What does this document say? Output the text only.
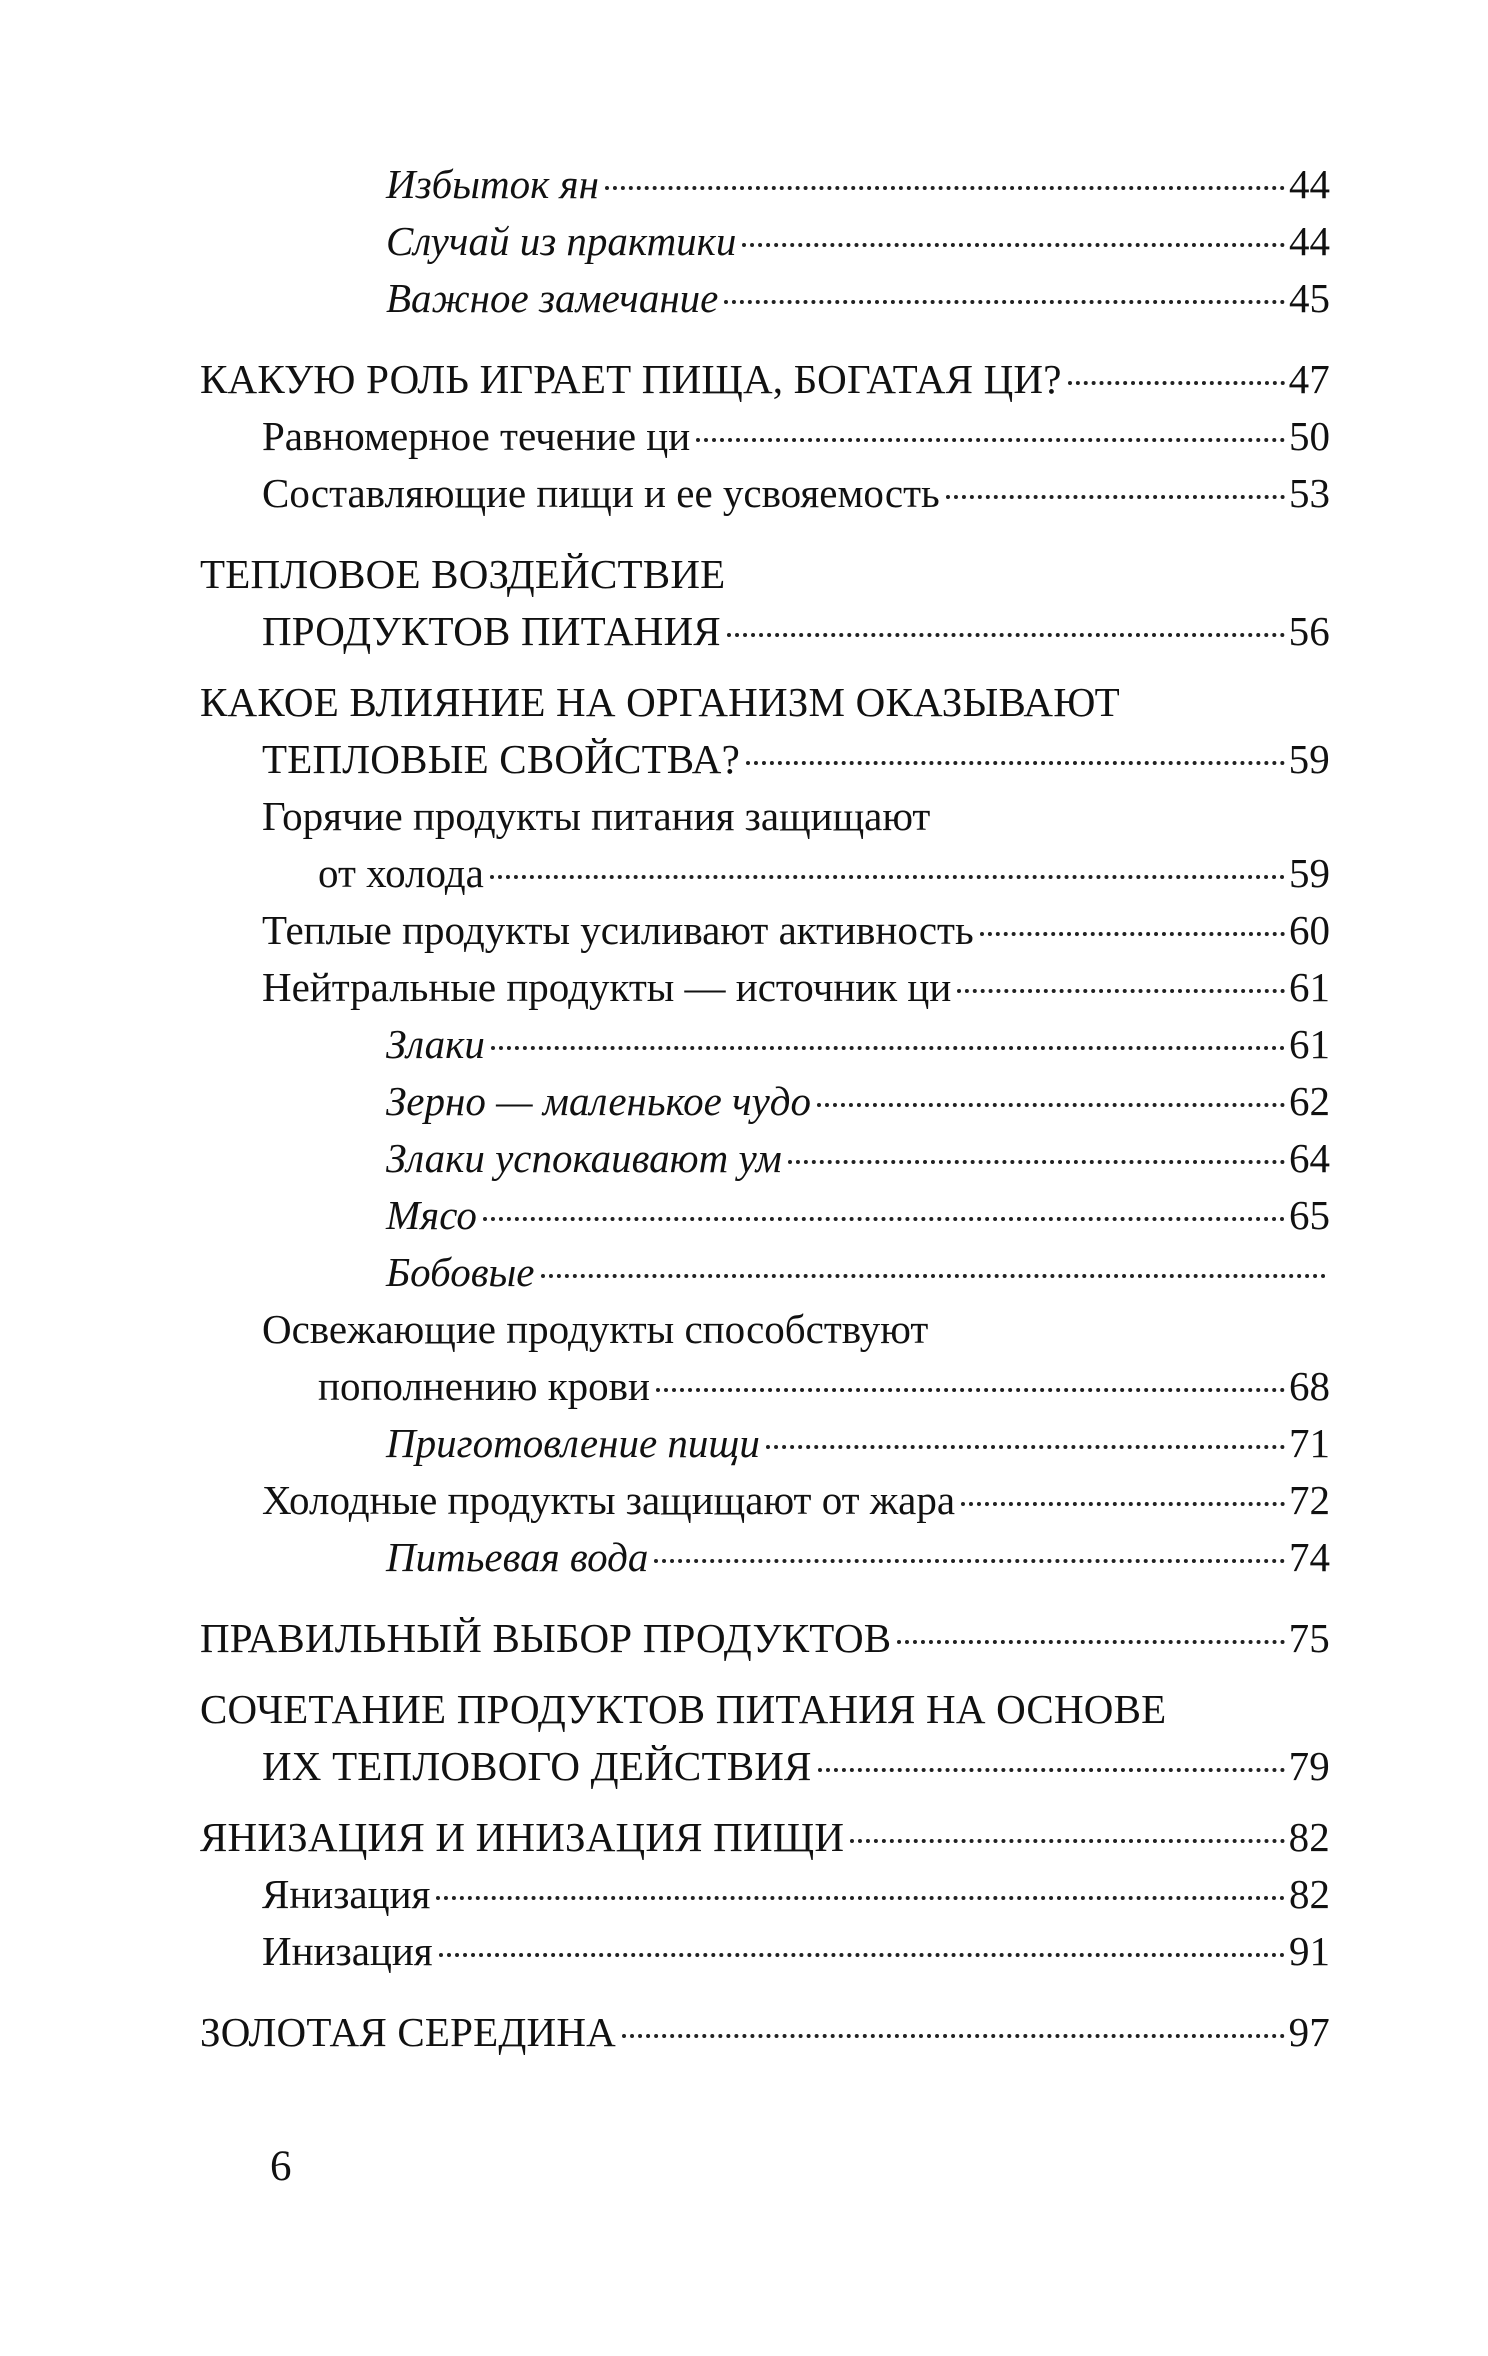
Избыток ян	44
Случай из практики	44
Важное замечание	45
КАКУЮ РОЛЬ ИГРАЕТ ПИЩА, БОГАТАЯ ЦИ?	47
Равномерное течение ци	50
Составляющие пищи и ее усвояемость	53
ТЕПЛОВОЕ ВОЗДЕЙСТВИЕ
ПРОДУКТОВ ПИТАНИЯ	56
КАКОЕ ВЛИЯНИЕ НА ОРГАНИЗМ ОКАЗЫВАЮТ
ТЕПЛОВЫЕ СВОЙСТВА?	59
Горячие продукты питания защищают
от холода	59
Теплые продукты усиливают активность	60
Нейтральные продукты — источник ци	61
Злаки	61
Зерно — маленькое чудо	62
Злаки успокаивают ум	64
Мясо	65
Бобовые
Освежающие продукты способствуют
пополнению крови	68
Приготовление пищи	71
Холодные продукты защищают от жара	72
Питьевая вода	74
ПРАВИЛЬНЫЙ ВЫБОР ПРОДУКТОВ	75
СОЧЕТАНИЕ ПРОДУКТОВ ПИТАНИЯ НА ОСНОВЕ
ИХ ТЕПЛОВОГО ДЕЙСТВИЯ	79
ЯНИЗАЦИЯ И ИНИЗАЦИЯ ПИЩИ	82
Янизация	82
Инизация	91
ЗОЛОТАЯ СЕРЕДИНА	97
6
